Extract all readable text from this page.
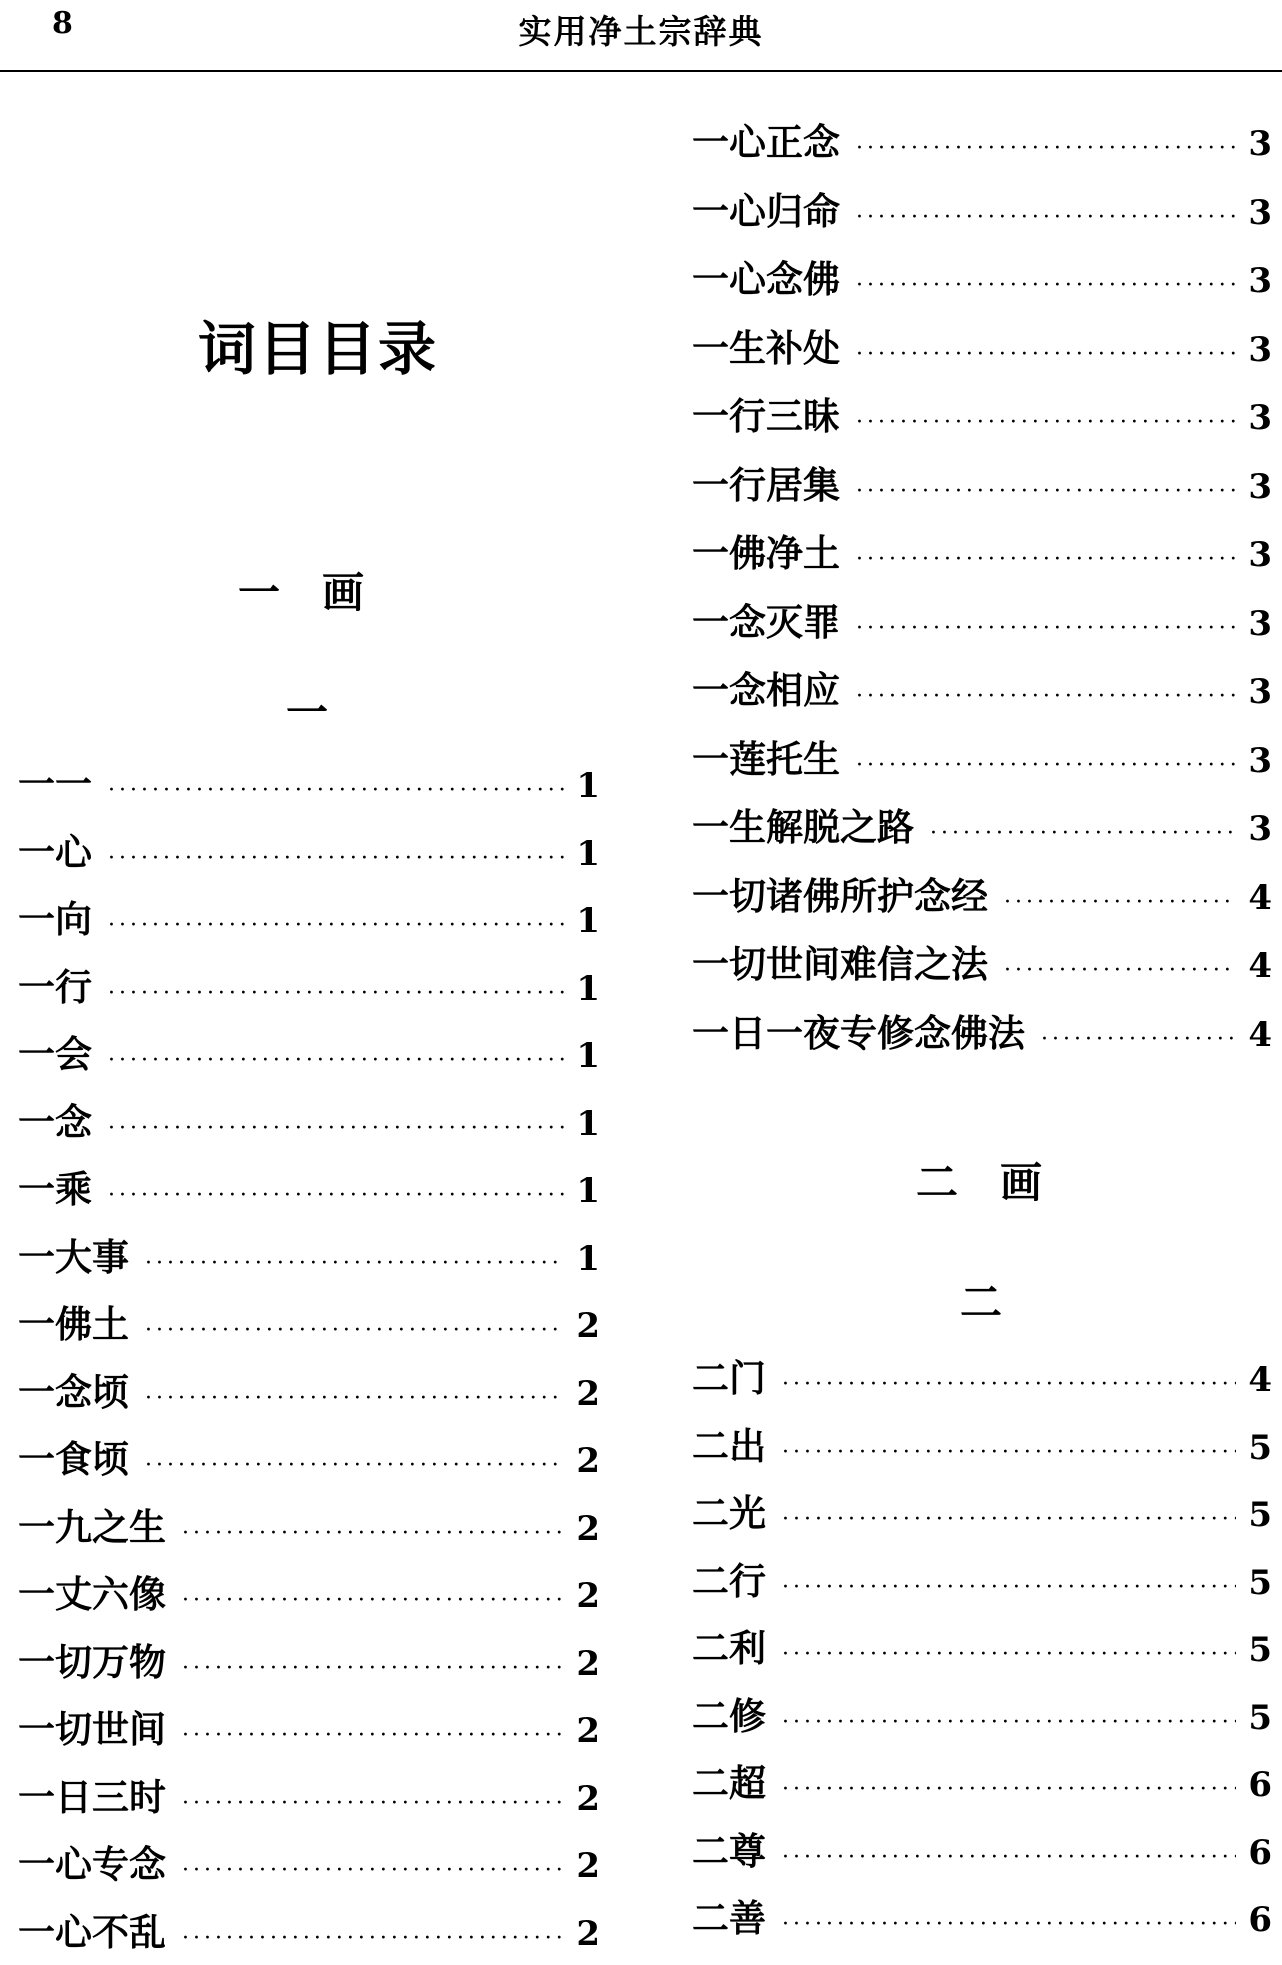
8	实用净土宗辞典
词目目录
一　画
一
一一 ·····	1
一心 ·····	1
一向 ·····	1
一行 ·····	1
一会 ·····	1
一念 ·····	1
一乘 ·····	1
一大事 ·····	1
一佛土 ·····	2
一念顷 ·····	2
一食顷 ·····	2
一九之生 ·····	2
一丈六像 ·····	2
一切万物 ·····	2
一切世间 ·····	2
一日三时 ·····	2
一心专念 ·····	2
一心不乱 ·····	2
一心正念 ·····	3
一心归命 ·····	3
一心念佛 ·····	3
一生补处 ·····	3
一行三昧 ·····	3
一行居集 ·····	3
一佛净土 ·····	3
一念灭罪 ·····	3
一念相应 ·····	3
一莲托生 ·····	3
一生解脱之路 ·····	3
一切诸佛所护念经 ·····	4
一切世间难信之法 ·····	4
一日一夜专修念佛法 ·····	4
二　画
二
二门 ·····	4
二出 ·····	5
二光 ·····	5
二行 ·····	5
二利 ·····	5
二修 ·····	5
二超 ·····	6
二尊 ·····	6
二善 ·····	6
